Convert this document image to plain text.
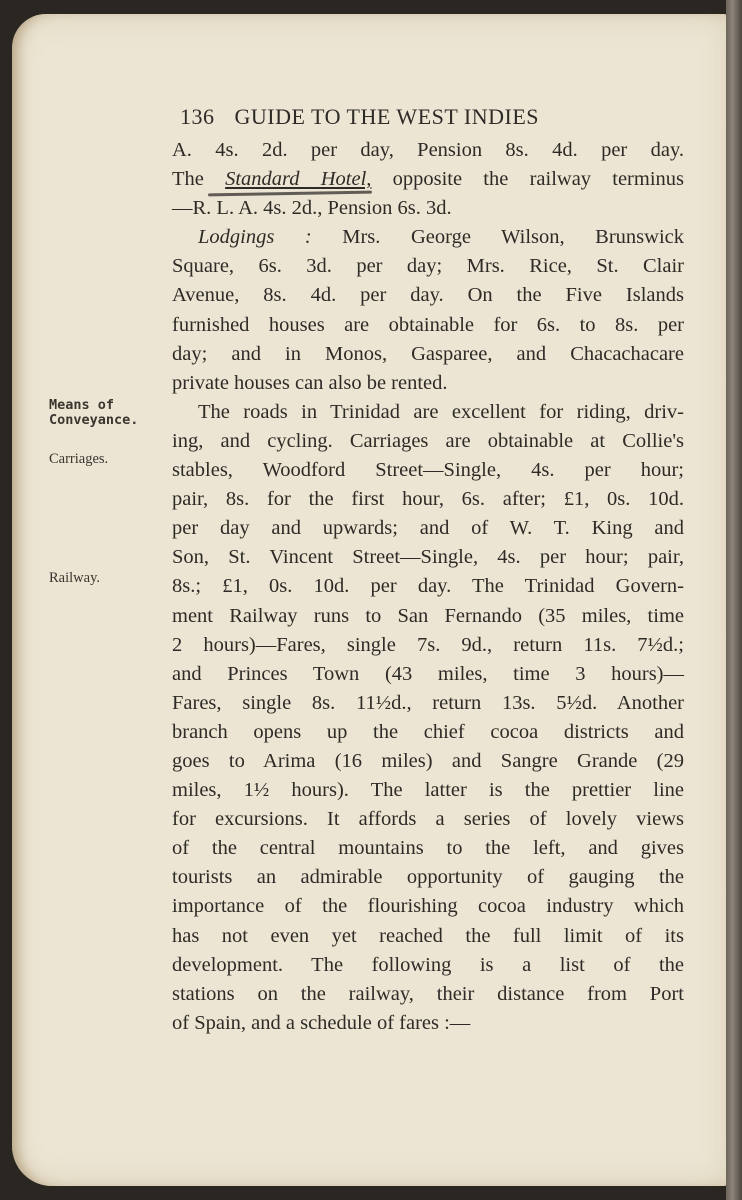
Means of
Conveyance.
Carriages.
Railway.
136 GUIDE TO THE WEST INDIES
A. 4s. 2d. per day, Pension 8s. 4d. per day.
The Standard Hotel, opposite the railway terminus
—R. L. A. 4s. 2d., Pension 6s. 3d.
Lodgings : Mrs. George Wilson, Brunswick
Square, 6s. 3d. per day; Mrs. Rice, St. Clair
Avenue, 8s. 4d. per day. On the Five Islands
furnished houses are obtainable for 6s. to 8s. per
day; and in Monos, Gasparee, and Chacachacare
private houses can also be rented.
The roads in Trinidad are excellent for riding, driv-
ing, and cycling. Carriages are obtainable at Collie's
stables, Woodford Street—Single, 4s. per hour;
pair, 8s. for the first hour, 6s. after; £1, 0s. 10d.
per day and upwards; and of W. T. King and
Son, St. Vincent Street—Single, 4s. per hour; pair,
8s.; £1, 0s. 10d. per day. The Trinidad Govern-
ment Railway runs to San Fernando (35 miles, time
2 hours)—Fares, single 7s. 9d., return 11s. 7½d.;
and Princes Town (43 miles, time 3 hours)—
Fares, single 8s. 11½d., return 13s. 5½d. Another
branch opens up the chief cocoa districts and
goes to Arima (16 miles) and Sangre Grande (29
miles, 1½ hours). The latter is the prettier line
for excursions. It affords a series of lovely views
of the central mountains to the left, and gives
tourists an admirable opportunity of gauging the
importance of the flourishing cocoa industry which
has not even yet reached the full limit of its
development. The following is a list of the
stations on the railway, their distance from Port
of Spain, and a schedule of fares :—
